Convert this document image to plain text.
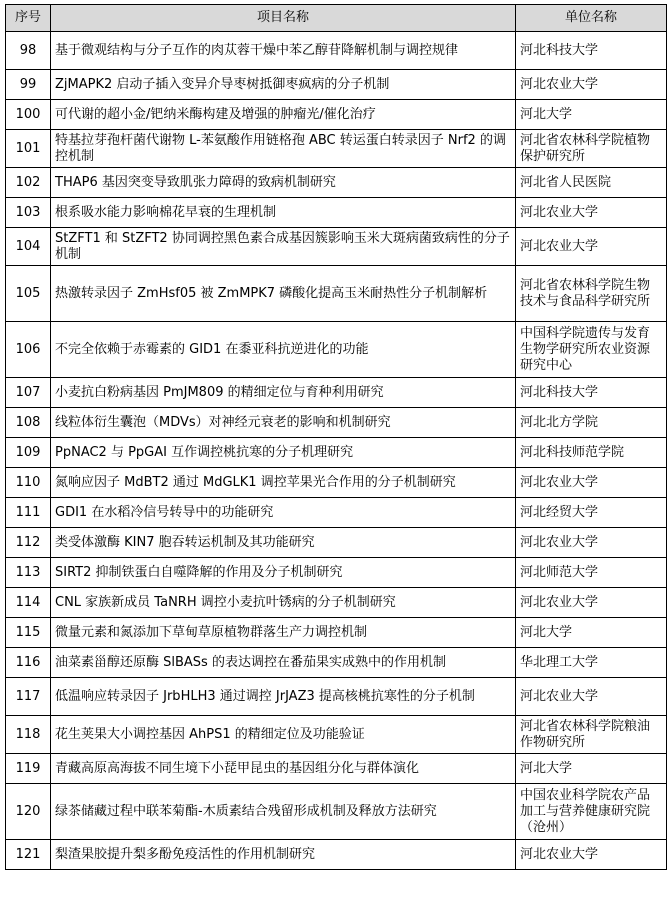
序号	项目名称	单位名称
98	基于微观结构与分子互作的肉苁蓉干燥中苯乙醇苷降解机制与调控规律	河北科技大学
99	ZjMAPK2 启动子插入变异介导枣树抵御枣疯病的分子机制	河北农业大学
100	可代谢的超小金/钯纳米酶构建及增强的肿瘤光/催化治疗	河北大学
101	特基拉芽孢杆菌代谢物 L-苯氨酸作用链格孢 ABC 转运蛋白转录因子 Nrf2 的调控机制	河北省农林科学院植物保护研究所
102	THAP6 基因突变导致肌张力障碍的致病机制研究	河北省人民医院
103	根系吸水能力影响棉花早衰的生理机制	河北农业大学
104	StZFT1 和 StZFT2 协同调控黑色素合成基因簇影响玉米大斑病菌致病性的分子机制	河北农业大学
105	热激转录因子 ZmHsf05 被 ZmMPK7 磷酸化提高玉米耐热性分子机制解析	河北省农林科学院生物技术与食品科学研究所
106	不完全依赖于赤霉素的 GID1 在黍亚科抗逆进化的功能	中国科学院遗传与发育生物学研究所农业资源研究中心
107	小麦抗白粉病基因 PmJM809 的精细定位与育种利用研究	河北科技大学
108	线粒体衍生囊泡（MDVs）对神经元衰老的影响和机制研究	河北北方学院
109	PpNAC2 与 PpGAI 互作调控桃抗寒的分子机理研究	河北科技师范学院
110	氮响应因子 MdBT2 通过 MdGLK1 调控苹果光合作用的分子机制研究	河北农业大学
111	GDI1 在水稻冷信号转导中的功能研究	河北经贸大学
112	类受体激酶 KIN7 胞吞转运机制及其功能研究	河北农业大学
113	SIRT2 抑制铁蛋白自噬降解的作用及分子机制研究	河北师范大学
114	CNL 家族新成员 TaNRH 调控小麦抗叶锈病的分子机制研究	河北农业大学
115	微量元素和氮添加下草甸草原植物群落生产力调控机制	河北大学
116	油菜素甾醇还原酶 SlBASs 的表达调控在番茄果实成熟中的作用机制	华北理工大学
117	低温响应转录因子 JrbHLH3 通过调控 JrJAZ3 提高核桃抗寒性的分子机制	河北农业大学
118	花生荚果大小调控基因 AhPS1 的精细定位及功能验证	河北省农林科学院粮油作物研究所
119	青藏高原高海拔不同生境下小琵甲昆虫的基因组分化与群体演化	河北大学
120	绿茶储藏过程中联苯菊酯-木质素结合残留形成机制及释放方法研究	中国农业科学院农产品加工与营养健康研究院（沧州）
121	梨渣果胶提升梨多酚免疫活性的作用机制研究	河北农业大学
